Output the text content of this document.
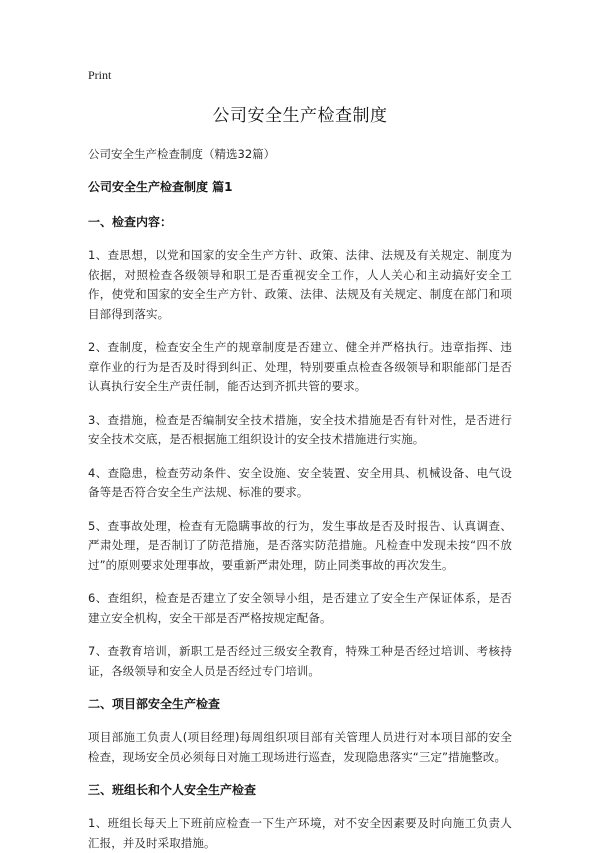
Print
公司安全生产检查制度
公司安全生产检查制度（精选32篇）
公司安全生产检查制度 篇1
一、检查内容：

1、查思想，以党和国家的安全生产方针、政策、法律、法规及有关规定、制度为依据，对照检查各级领导和职工是否重视安全工作，人人关心和主动搞好安全工作，使党和国家的安全生产方针、政策、法律、法规及有关规定、制度在部门和项目部得到落实。

2、查制度，检查安全生产的规章制度是否建立、健全并严格执行。违章指挥、违章作业的行为是否及时得到纠正、处理，特别要重点检查各级领导和职能部门是否认真执行安全生产责任制，能否达到齐抓共管的要求。

3、查措施，检查是否编制安全技术措施，安全技术措施是否有针对性，是否进行安全技术交底，是否根据施工组织设计的安全技术措施进行实施。

4、查隐患，检查劳动条件、安全设施、安全装置、安全用具、机械设备、电气设备等是否符合安全生产法规、标准的要求。

5、查事故处理，检查有无隐瞒事故的行为，发生事故是否及时报告、认真调查、严肃处理，是否制订了防范措施，是否落实防范措施。凡检查中发现未按“四不放过”的原则要求处理事故，要重新严肃处理，防止同类事故的再次发生。

6、查组织，检查是否建立了安全领导小组，是否建立了安全生产保证体系，是否建立安全机构，安全干部是否严格按规定配备。

7、查教育培训，新职工是否经过三级安全教育，特殊工种是否经过培训、考核持证，各级领导和安全人员是否经过专门培训。

二、项目部安全生产检查

项目部施工负责人(项目经理)每周组织项目部有关管理人员进行对本项目部的安全检查，现场安全员必须每日对施工现场进行巡查，发现隐患落实“三定”措施整改。

三、班组长和个人安全生产检查

1、班组长每天上下班前应检查一下生产环境，对不安全因素要及时向施工负责人汇报，并及时采取措施。
